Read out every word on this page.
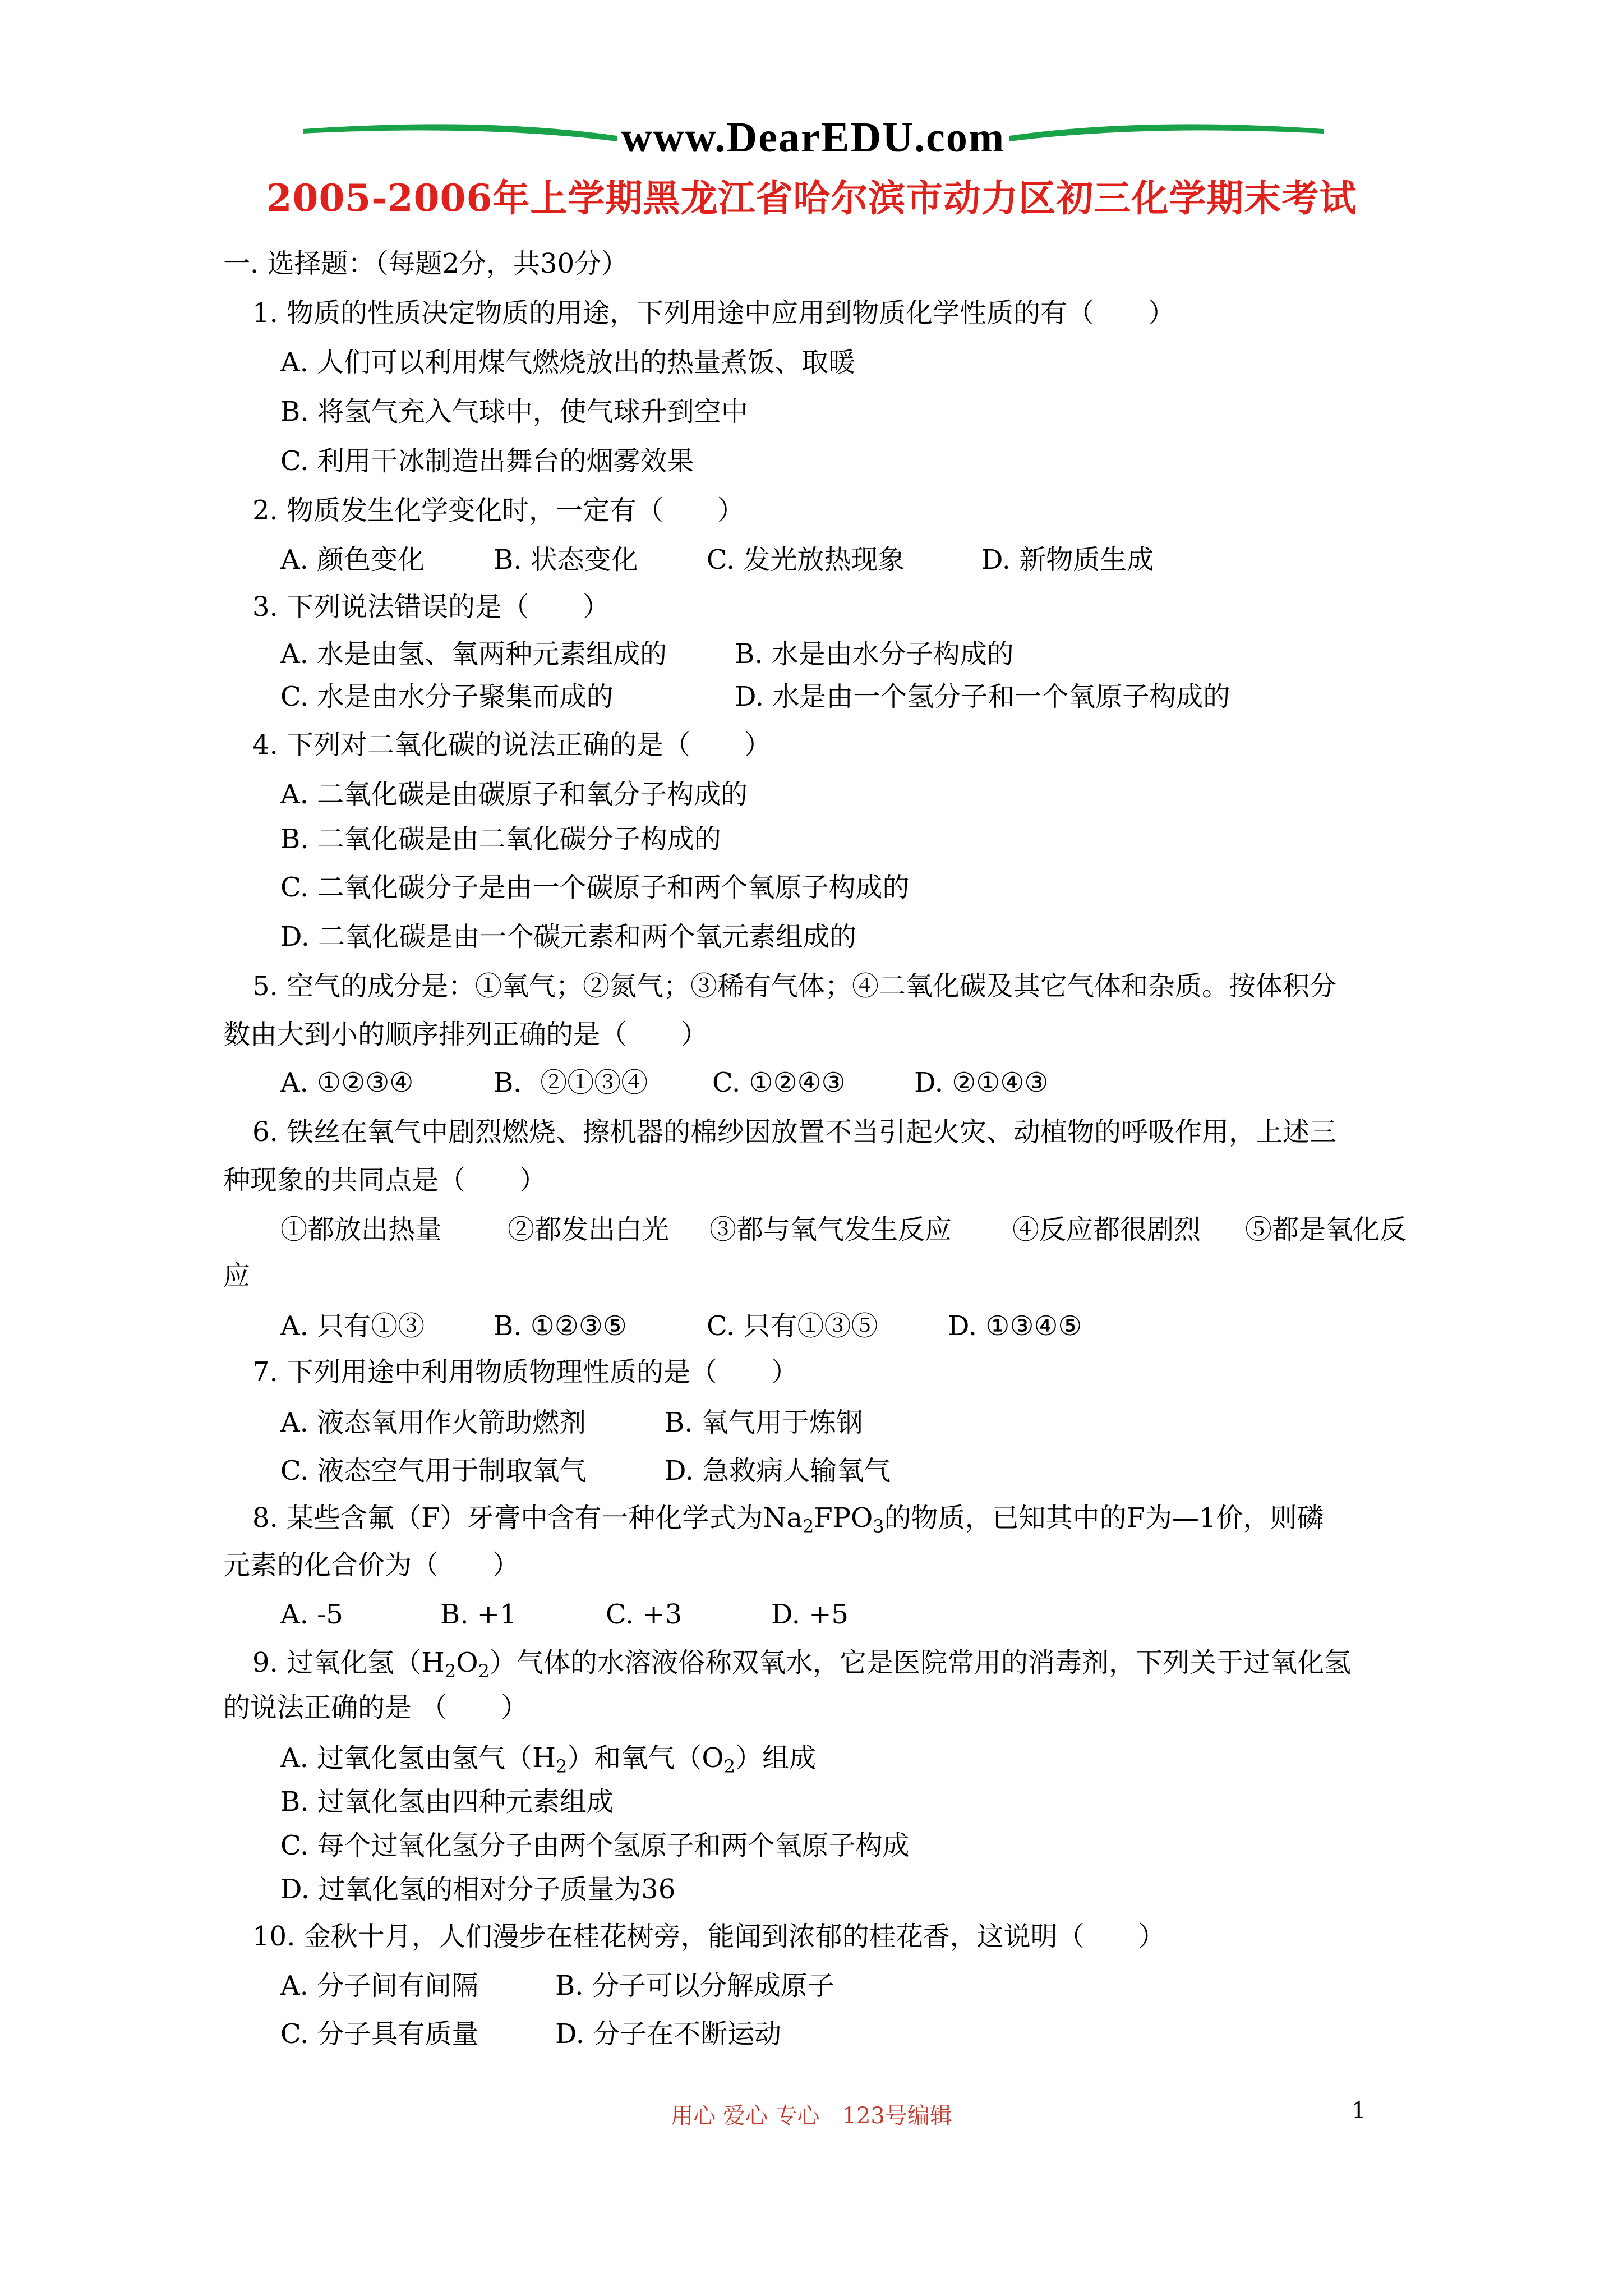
www.DearEDU.com
2005-2006年上学期黑龙江省哈尔滨市动力区初三化学期末考试
一. 选择题：（每题2分，共30分）
1. 物质的性质决定物质的用途，下列用途中应用到物质化学性质的有（　　）
A. 人们可以利用煤气燃烧放出的热量煮饭、取暖
B. 将氢气充入气球中，使气球升到空中
C. 利用干冰制造出舞台的烟雾效果
2. 物质发生化学变化时，一定有（　　）
A. 颜色变化	B. 状态变化	C. 发光放热现象	D. 新物质生成
3. 下列说法错误的是（　　）
A. 水是由氢、氧两种元素组成的	B. 水是由水分子构成的
C. 水是由水分子聚集而成的	D. 水是由一个氢分子和一个氧原子构成的
4. 下列对二氧化碳的说法正确的是（　　）
A. 二氧化碳是由碳原子和氧分子构成的
B. 二氧化碳是由二氧化碳分子构成的
C. 二氧化碳分子是由一个碳原子和两个氧原子构成的
D. 二氧化碳是由一个碳元素和两个氧元素组成的
5. 空气的成分是：①氧气；②氮气；③稀有气体；④二氧化碳及其它气体和杂质。按体积分
数由大到小的顺序排列正确的是（　　）
A. ①②③④	B．②①③④ C. ①②④③	D. ②①④③
6. 铁丝在氧气中剧烈燃烧、擦机器的棉纱因放置不当引起火灾、动植物的呼吸作用，上述三
种现象的共同点是（　　）
①都放出热量 ②都发出白光 ③都与氧气发生反应 ④反应都很剧烈 ⑤都是氧化反
应
A. 只有①③	B. ①②③⑤	C. 只有①③⑤	D. ①③④⑤
7. 下列用途中利用物质物理性质的是（　　）
A. 液态氧用作火箭助燃剂	B. 氧气用于炼钢
C. 液态空气用于制取氧气	D. 急救病人输氧气
8. 某些含氟（F）牙膏中含有一种化学式为$Na_2FPO_3$的物质，已知其中的F为—1价，则磷
元素的化合价为（　　）
A. -5	B. +1	C. +3	D. +5
9. 过氧化氢$(H_2O_2)$气体的水溶液俗称双氧水，它是医院常用的消毒剂，下列关于过氧化氢
的说法正确的是 （　　）
A. 过氧化氢由氢气$(H_2)$和氧气$(O_2)$组成
B. 过氧化氢由四种元素组成
C. 每个过氧化氢分子由两个氢原子和两个氧原子构成
D. 过氧化氢的相对分子质量为36
10. 金秋十月，人们漫步在桂花树旁，能闻到浓郁的桂花香，这说明（　　）
A. 分子间有间隔	B. 分子可以分解成原子
C. 分子具有质量	D. 分子在不断运动
用心 爱心 专心　123号编辑	1
